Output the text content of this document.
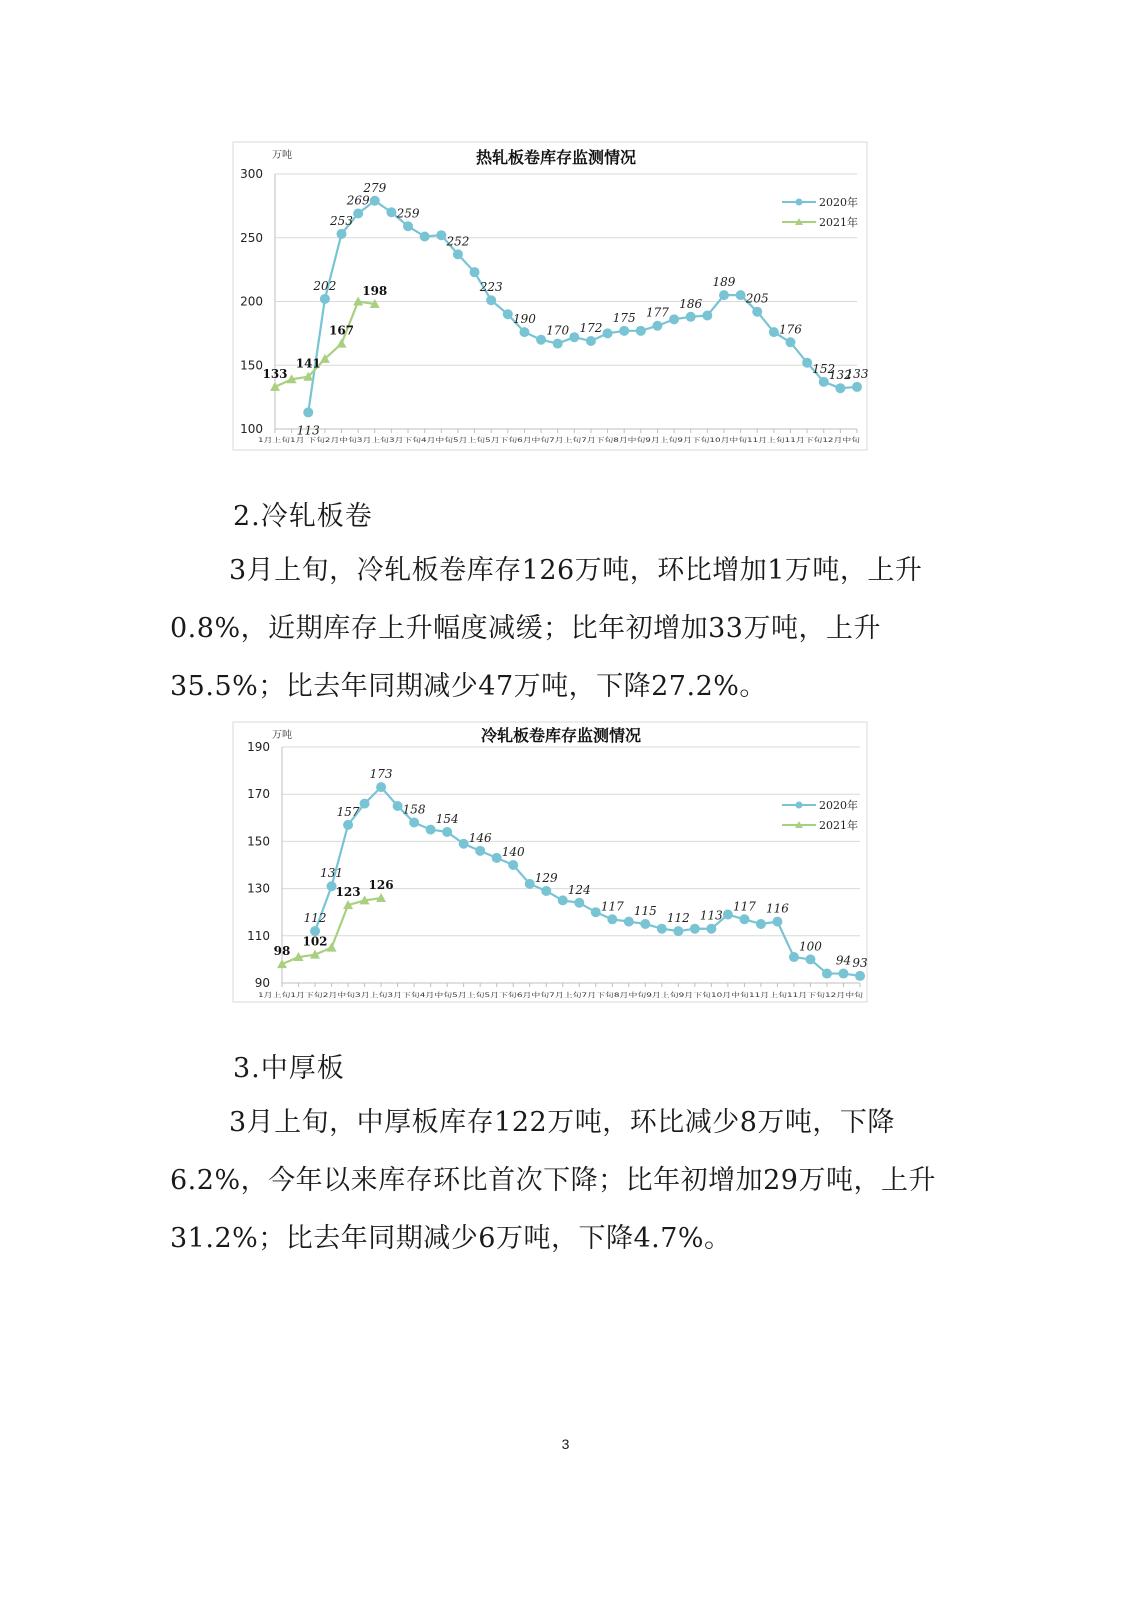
热轧板卷库存监测情况
万吨
100
150
200
250
300
1月上旬1月 下旬2月中旬3月上旬3月下旬4月中旬5月上旬5月下旬6月中旬7月上旬7月下旬8月中旬9月上旬9月下旬10月中旬11月上旬11月下旬12月中旬
113
202
253
269
279
259
252
223
190
170 172
175 177
186
189
205
176
152
132
133
2020年
133
141
167
198
2021年
2.冷轧板卷

3月上旬，冷轧板卷库存126万吨，环比增加1万吨，上升0.8%，近期库存上升幅度减缓；比年初增加33万吨，上升35.5%；比去年同期减少47万吨，下降27.2%。

冷轧板卷库存监测情况
万吨
90
110
130
150
170
190
1月上旬1月下旬2月中旬3月上旬3月下旬4月中旬5月上旬5月下旬6月中旬7月上旬7月下旬8月中旬9月上旬9月下旬10月中旬11月上旬11月下旬12月中旬
112
131
157
173
158
154
146
140
129
124
117 115
112 113
117 116
100
94 93
2020年
98
102
123
126
2021年
3.中厚板

3月上旬，中厚板库存122万吨，环比减少8万吨，下降6.2%，今年以来库存环比首次下降；比年初增加29万吨，上升31.2%；比去年同期减少6万吨，下降4.7%。

3
